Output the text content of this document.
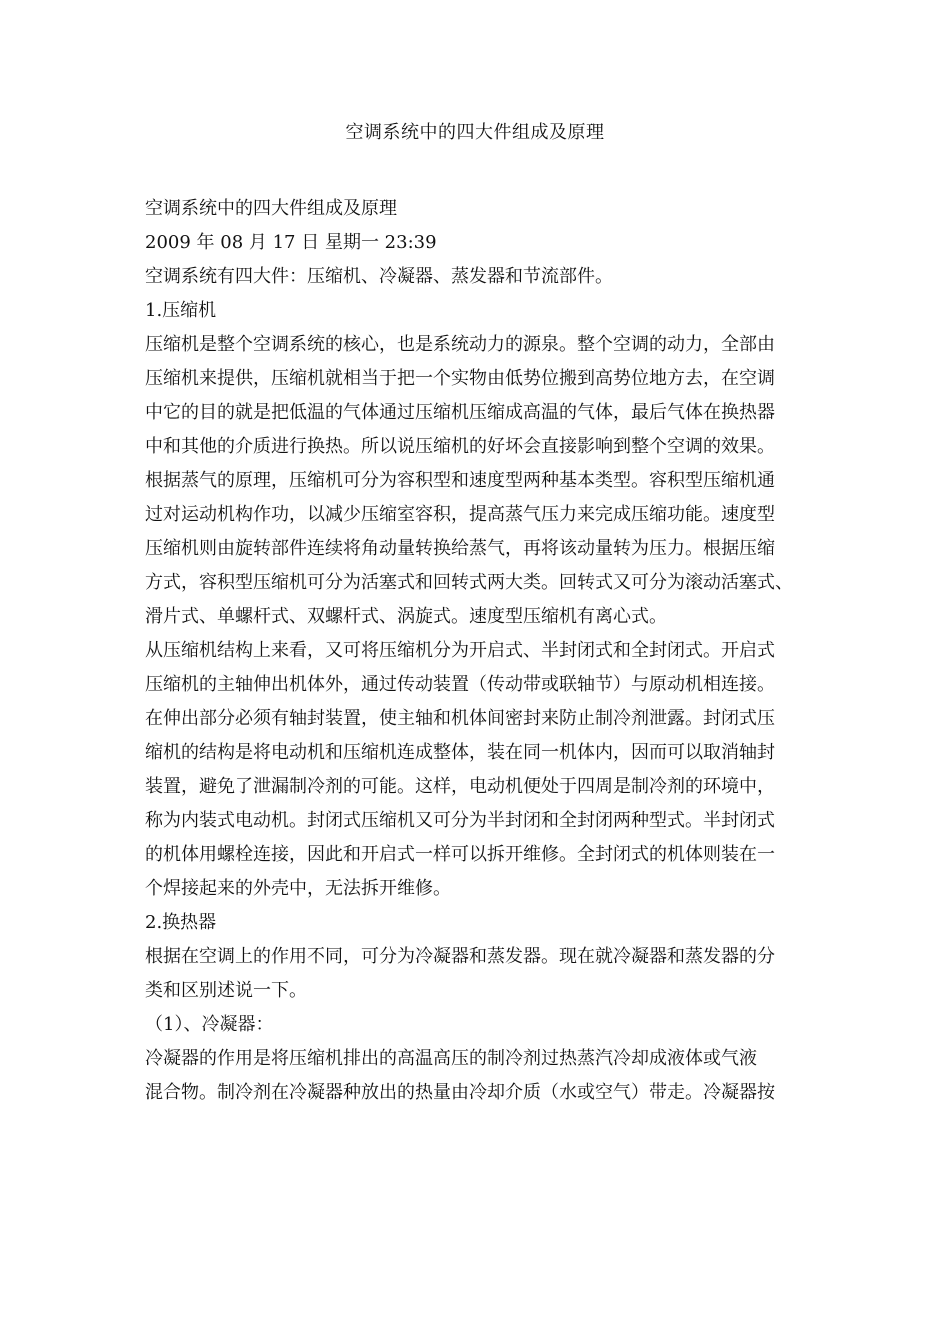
空调系统中的四大件组成及原理
空调系统中的四大件组成及原理
2009 年 08 月 17 日 星期一 23:39
空调系统有四大件：压缩机、冷凝器、蒸发器和节流部件。
1.压缩机
压缩机是整个空调系统的核心，也是系统动力的源泉。整个空调的动力，全部由
压缩机来提供，压缩机就相当于把一个实物由低势位搬到高势位地方去，在空调
中它的目的就是把低温的气体通过压缩机压缩成高温的气体，最后气体在换热器
中和其他的介质进行换热。所以说压缩机的好坏会直接影响到整个空调的效果。
根据蒸气的原理，压缩机可分为容积型和速度型两种基本类型。容积型压缩机通
过对运动机构作功，以减少压缩室容积，提高蒸气压力来完成压缩功能。速度型
压缩机则由旋转部件连续将角动量转换给蒸气，再将该动量转为压力。根据压缩
方式，容积型压缩机可分为活塞式和回转式两大类。回转式又可分为滚动活塞式、
滑片式、单螺杆式、双螺杆式、涡旋式。速度型压缩机有离心式。
从压缩机结构上来看，又可将压缩机分为开启式、半封闭式和全封闭式。开启式
压缩机的主轴伸出机体外，通过传动装置（传动带或联轴节）与原动机相连接。
在伸出部分必须有轴封装置，使主轴和机体间密封来防止制冷剂泄露。封闭式压
缩机的结构是将电动机和压缩机连成整体，装在同一机体内，因而可以取消轴封
装置，避免了泄漏制冷剂的可能。这样，电动机便处于四周是制冷剂的环境中，
称为内装式电动机。封闭式压缩机又可分为半封闭和全封闭两种型式。半封闭式
的机体用螺栓连接，因此和开启式一样可以拆开维修。全封闭式的机体则装在一
个焊接起来的外壳中，无法拆开维修。
2.换热器
根据在空调上的作用不同，可分为冷凝器和蒸发器。现在就冷凝器和蒸发器的分
类和区别述说一下。
（1）、冷凝器：
冷凝器的作用是将压缩机排出的高温高压的制冷剂过热蒸汽冷却成液体或气液
混合物。制冷剂在冷凝器种放出的热量由冷却介质（水或空气）带走。冷凝器按
